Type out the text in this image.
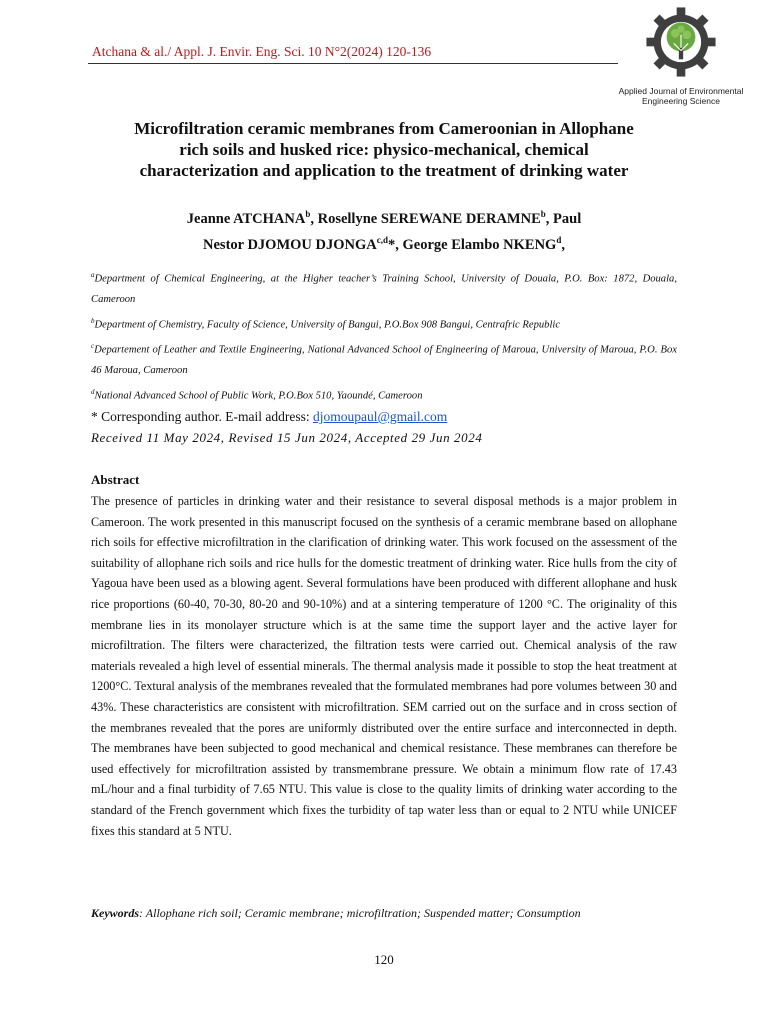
Atchana & al./ Appl. J. Envir. Eng. Sci. 10 N°2(2024) 120-136
Applied Journal of Environmental
Engineering Science
Microfiltration ceramic membranes from Cameroonian in Allophane
rich soils and husked rice: physico-mechanical, chemical
characterization and application to the treatment of drinking water
Jeanne ATCHANA$^b$, Rosellyne SEREWANE DERAMNE$^b$, Paul
Nestor DJOMOU DJONGA$^{c,d}$*, George Elambo NKENG$^d$,
$^a$Department of Chemical Engineering, at the Higher teacher’s Training School, University of Douala, P.O. Box: 1872, Douala, Cameroon
$^b$Department of Chemistry, Faculty of Science, University of Bangui, P.O.Box 908 Bangui, Centrafric Republic
$^c$Departement of Leather and Textile Engineering, National Advanced School of Engineering of Maroua, University of Maroua, P.O. Box 46 Maroua, Cameroon
$^d$National Advanced School of Public Work, P.O.Box 510, Yaoundé, Cameroon
* Corresponding author. E-mail address: djomoupaul@gmail.com
Received 11 May 2024, Revised 15 Jun 2024, Accepted 29 Jun 2024
Abstract
The presence of particles in drinking water and their resistance to several disposal methods is a major problem in Cameroon. The work presented in this manuscript focused on the synthesis of a ceramic membrane based on allophane rich soils for effective microfiltration in the clarification of drinking water. This work focused on the assessment of the suitability of allophane rich soils and rice hulls for the domestic treatment of drinking water. Rice hulls from the city of Yagoua have been used as a blowing agent. Several formulations have been produced with different allophane and husk rice proportions (60-40, 70-30, 80-20 and 90-10%) and at a sintering temperature of 1200 °C. The originality of this membrane lies in its monolayer structure which is at the same time the support layer and the active layer for microfiltration. The filters were characterized, the filtration tests were carried out. Chemical analysis of the raw materials revealed a high level of essential minerals. The thermal analysis made it possible to stop the heat treatment at 1200°C. Textural analysis of the membranes revealed that the formulated membranes had pore volumes between 30 and 43%. These characteristics are consistent with microfiltration. SEM carried out on the surface and in cross section of the membranes revealed that the pores are uniformly distributed over the entire surface and interconnected in depth. The membranes have been subjected to good mechanical and chemical resistance. These membranes can therefore be used effectively for microfiltration assisted by transmembrane pressure. We obtain a minimum flow rate of 17.43 mL/hour and a final turbidity of 7.65 NTU. This value is close to the quality limits of drinking water according to the standard of the French government which fixes the turbidity of tap water less than or equal to 2 NTU while UNICEF fixes this standard at 5 NTU.
Keywords: Allophane rich soil; Ceramic membrane; microfiltration; Suspended matter; Consumption
120
